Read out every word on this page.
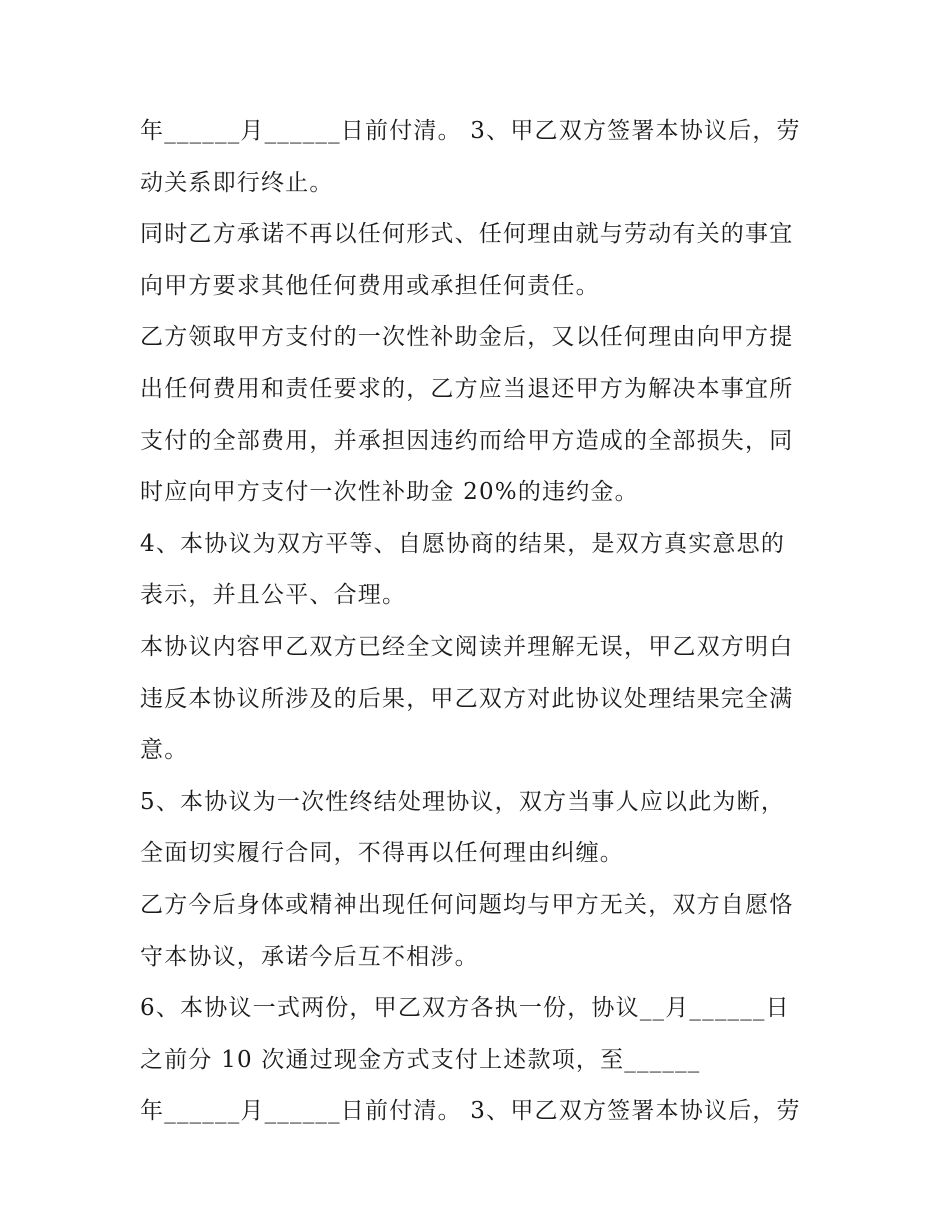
年______月______日前付清。 3、甲乙双方签署本协议后，劳
动关系即行终止。
同时乙方承诺不再以任何形式、任何理由就与劳动有关的事宜
向甲方要求其他任何费用或承担任何责任。
乙方领取甲方支付的一次性补助金后，又以任何理由向甲方提
出任何费用和责任要求的，乙方应当退还甲方为解决本事宜所
支付的全部费用，并承担因违约而给甲方造成的全部损失，同
时应向甲方支付一次性补助金 20%的违约金。
4、本协议为双方平等、自愿协商的结果，是双方真实意思的
表示，并且公平、合理。
本协议内容甲乙双方已经全文阅读并理解无误，甲乙双方明白
违反本协议所涉及的后果，甲乙双方对此协议处理结果完全满
意。
5、本协议为一次性终结处理协议，双方当事人应以此为断，
全面切实履行合同，不得再以任何理由纠缠。
乙方今后身体或精神出现任何问题均与甲方无关，双方自愿恪
守本协议，承诺今后互不相涉。
6、本协议一式两份，甲乙双方各执一份，协议__月______日
之前分 10 次通过现金方式支付上述款项，至______
年______月______日前付清。 3、甲乙双方签署本协议后，劳
